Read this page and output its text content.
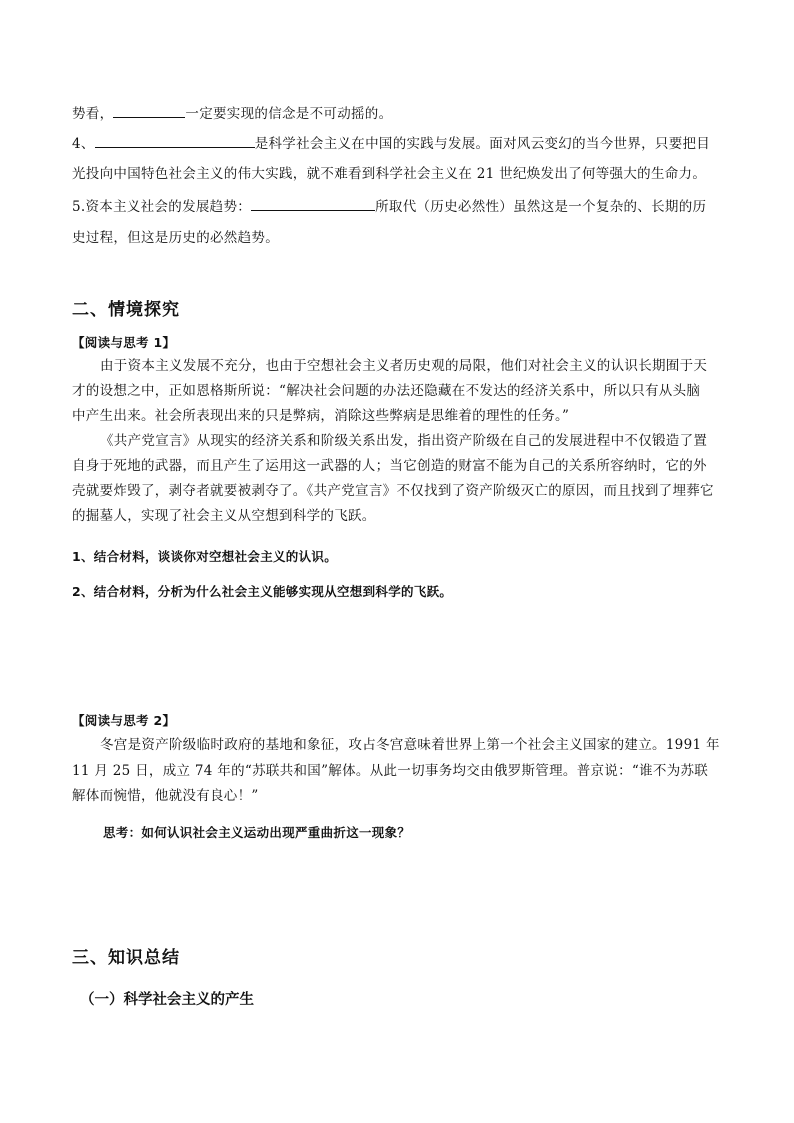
势看，	一定要实现的信念是不可动摇的。
4、	是科学社会主义在中国的实践与发展。面对风云变幻的当今世界，只要把目
光投向中国特色社会主义的伟大实践，就不难看到科学社会主义在 21 世纪焕发出了何等强大的生命力。
5.资本主义社会的发展趋势：	所取代（历史必然性）虽然这是一个复杂的、长期的历
史过程，但这是历史的必然趋势。
二、情境探究
【阅读与思考 1】
由于资本主义发展不充分，也由于空想社会主义者历史观的局限，他们对社会主义的认识长期囿于天
才的设想之中，正如恩格斯所说：“解决社会问题的办法还隐藏在不发达的经济关系中，所以只有从头脑
中产生出来。社会所表现出来的只是弊病，消除这些弊病是思维着的理性的任务。”
《共产党宣言》从现实的经济关系和阶级关系出发，指出资产阶级在自己的发展进程中不仅锻造了置
自身于死地的武器，而且产生了运用这一武器的人；当它创造的财富不能为自己的关系所容纳时，它的外
壳就要炸毁了，剥夺者就要被剥夺了。《共产党宣言》不仅找到了资产阶级灭亡的原因，而且找到了埋葬它
的掘墓人，实现了社会主义从空想到科学的飞跃。
1、结合材料，谈谈你对空想社会主义的认识。
2、结合材料，分析为什么社会主义能够实现从空想到科学的飞跃。
【阅读与思考 2】
冬宫是资产阶级临时政府的基地和象征，攻占冬宫意味着世界上第一个社会主义国家的建立。1991 年
11 月 25 日，成立 74 年的“苏联共和国”解体。从此一切事务均交由俄罗斯管理。普京说：“谁不为苏联
解体而惋惜，他就没有良心！”
思考：如何认识社会主义运动出现严重曲折这一现象？
三、知识总结
（一）科学社会主义的产生
